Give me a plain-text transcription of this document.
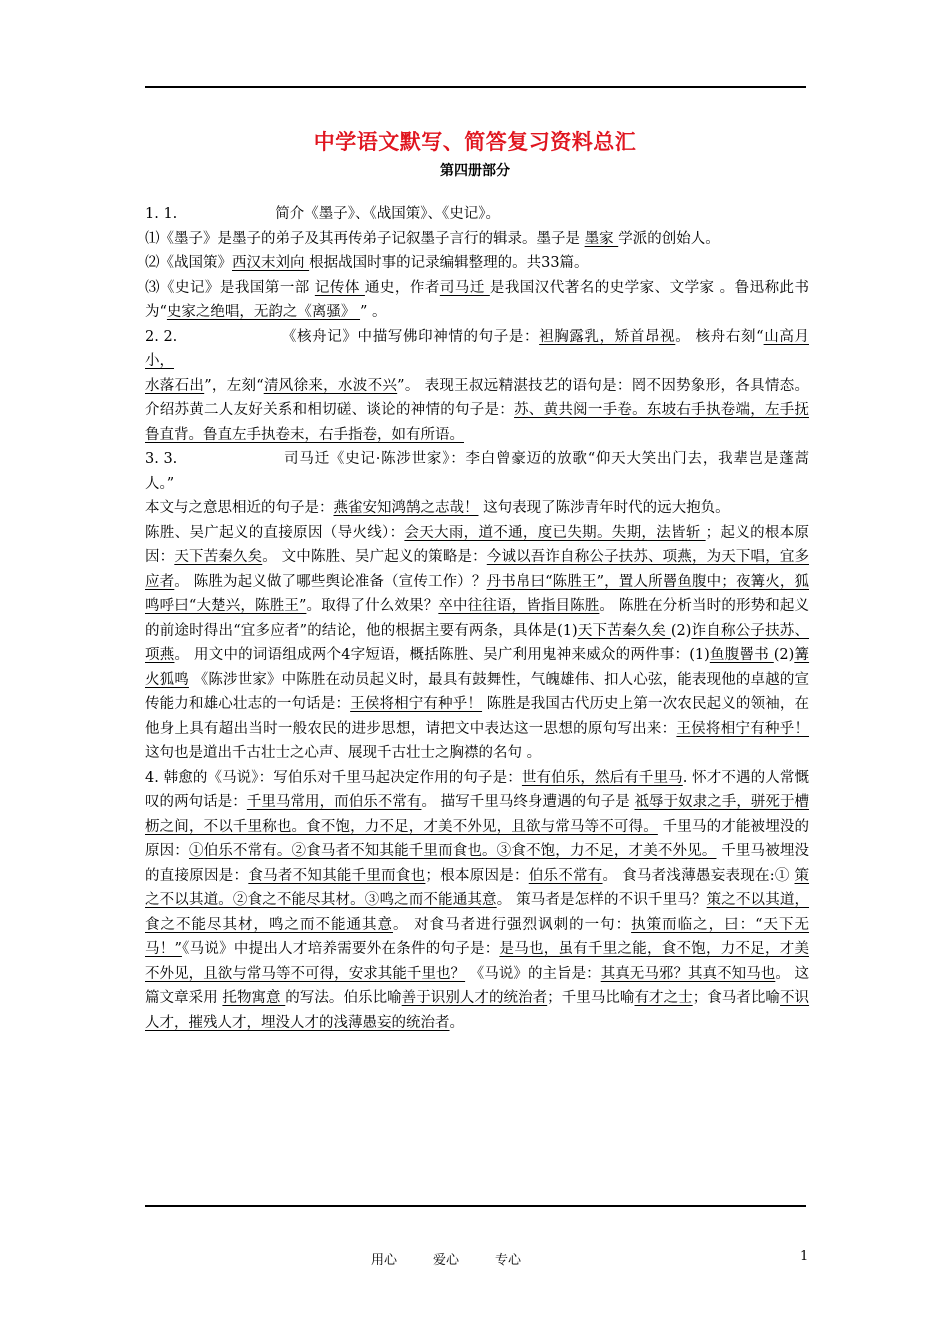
中学语文默写、简答复习资料总汇
第四册部分

1. 1.	简介《墨子》、《战国策》、《史记》。

⑴《墨子》是墨子的弟子及其再传弟子记叙墨子言行的辑录。墨子是 墨家 学派的创始人。

⑵《战国策》西汉末刘向 根据战国时事的记录编辑整理的。共33篇。

⑶《史记》是我国第一部 记传体 通史，作者司马迁 是我国汉代著名的史学家、文学家 。鲁迅称此书为“史家之绝唱，无韵之《离骚》 ” 。

2. 2.	《核舟记》中描写佛印神情的句子是：袒胸露乳，矫首昂视。 核舟右刻“山高月小，
水落石出”，左刻“清风徐来，水波不兴”。 表现王叔远精湛技艺的语句是：罔不因势象形，各具情态。 介绍苏黄二人友好关系和相切磋、谈论的神情的句子是：苏、黄共阅一手卷。东坡右手执卷端，左手抚鲁直背。鲁直左手执卷末，右手指卷，如有所语。

3. 3.	司马迁《史记·陈涉世家》：李白曾豪迈的放歌“仰天大笑出门去，我辈岂是蓬蒿人。”

本文与之意思相近的句子是：燕雀安知鸿鹄之志哉！ 这句表现了陈涉青年时代的远大抱负。
陈胜、吴广起义的直接原因（导火线）：会天大雨，道不通，度已失期。失期，法皆斩 ；起义的根本原因：天下苦秦久矣。 文中陈胜、吴广起义的策略是：今诚以吾诈自称公子扶苏、项燕，为天下唱，宜多应者。 陈胜为起义做了哪些舆论准备（宣传工作）？丹书帛曰“陈胜王”，置人所罾鱼腹中；夜篝火，狐鸣呼曰“大楚兴，陈胜王”。取得了什么效果？卒中往往语，皆指目陈胜。 陈胜在分析当时的形势和起义的前途时得出“宜多应者”的结论，他的根据主要有两条，具体是(1)天下苦秦久矣 (2)诈自称公子扶苏、项燕。 用文中的词语组成两个4字短语，概括陈胜、吴广利用鬼神来威众的两件事：(1)鱼腹罾书 (2)篝火狐鸣 《陈涉世家》中陈胜在动员起义时，最具有鼓舞性，气魄雄伟、扣人心弦，能表现他的卓越的宣传能力和雄心壮志的一句话是：王侯将相宁有种乎！ 陈胜是我国古代历史上第一次农民起义的领袖，在他身上具有超出当时一般农民的进步思想，请把文中表达这一思想的原句写出来：王侯将相宁有种乎！这句也是道出千古壮士之心声、展现千古壮士之胸襟的名句 。

4. 韩愈的《马说》：写伯乐对千里马起决定作用的句子是：世有伯乐，然后有千里马. 怀才不遇的人常慨叹的两句话是：千里马常用，而伯乐不常有。 描写千里马终身遭遇的句子是 祗辱于奴隶之手，骈死于槽枥之间，不以千里称也。食不饱，力不足，才美不外见，且欲与常马等不可得。 千里马的才能被埋没的原因：①伯乐不常有。②食马者不知其能千里而食也。③食不饱，力不足，才美不外见。 千里马被埋没的直接原因是：食马者不知其能千里而食也；根本原因是：伯乐不常有。 食马者浅薄愚妄表现在:① 策之不以其道。②食之不能尽其材。③鸣之而不能通其意。 策马者是怎样的不识千里马？策之不以其道，食之不能尽其材，鸣之而不能通其意。 对食马者进行强烈讽刺的一句：执策而临之，曰：“天下无马！”《马说》中提出人才培养需要外在条件的句子是：是马也，虽有千里之能，食不饱，力不足，才美不外见，且欲与常马等不可得，安求其能千里也？ 《马说》的主旨是：其真无马邪？其真不知马也。 这篇文章采用 托物寓意 的写法。伯乐比喻善于识别人才的统治者；千里马比喻有才之士；食马者比喻不识人才，摧残人才，埋没人才的浅薄愚妄的统治者。

用心	爱心	专心	1
